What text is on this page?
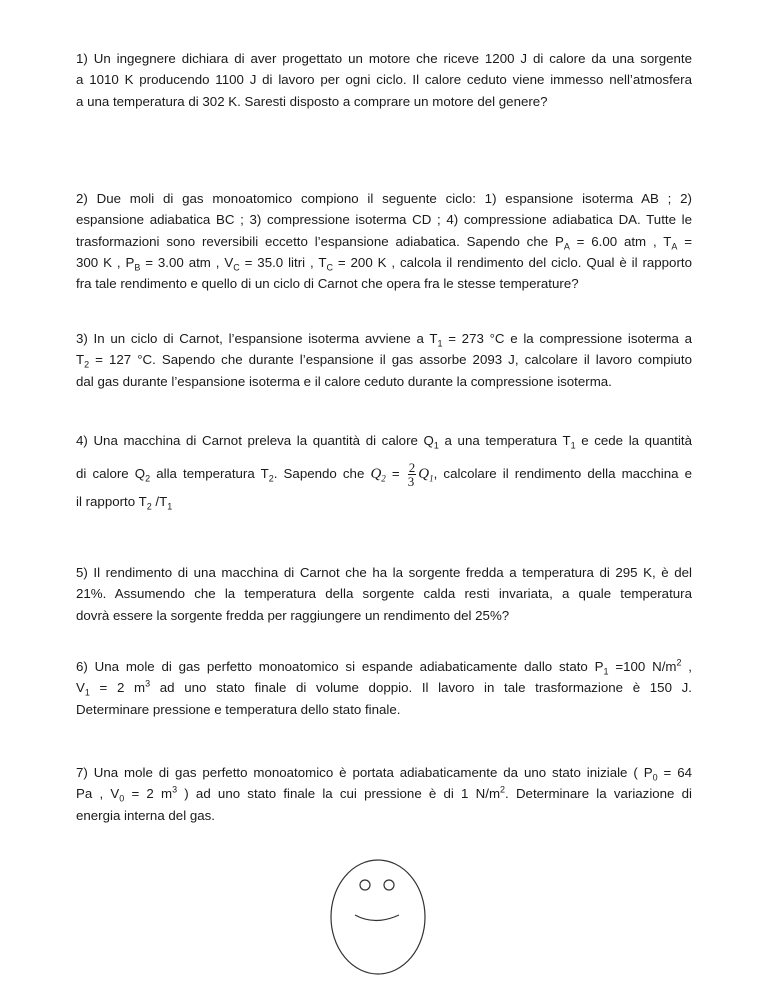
1) Un ingegnere dichiara di aver progettato un motore che riceve 1200 J di calore da una sorgente
a 1010 K producendo 1100 J di lavoro per ogni ciclo. Il calore ceduto viene immesso nell’atmosfera
a una temperatura di 302 K. Saresti disposto a comprare un motore del genere?
2) Due moli di gas monoatomico compiono il seguente ciclo: 1) espansione isoterma AB ; 2)
espansione adiabatica BC ; 3) compressione isoterma CD ; 4) compressione adiabatica DA. Tutte le
trasformazioni sono reversibili eccetto l’espansione adiabatica. Sapendo che $P_A = 6.00$ atm , $T_A$ =
300 K , $P_B = 3.00$ atm , $V_C = 35.0$ litri , $T_C = 200$ K , calcola il rendimento del ciclo. Qual è il rapporto
fra tale rendimento e quello di un ciclo di Carnot che opera fra le stesse temperature?
3) In un ciclo di Carnot, l’espansione isoterma avviene a $T_1 = 273$ °C e la compressione isoterma a
$T_2 = 127$ °C. Sapendo che durante l’espansione il gas assorbe 2093 J, calcolare il lavoro compiuto
dal gas durante l’espansione isoterma e il calore ceduto durante la compressione isoterma.
4) Una macchina di Carnot preleva la quantità di calore $Q_1$ a una temperatura $T_1$ e cede la quantità
di calore $Q_2$ alla temperatura $T_2$. Sapendo che $Q_2 = \frac{2}{3} Q_1$, calcolare il rendimento della macchina e
il rapporto $T_2$ $/T_1$
5) Il rendimento di una macchina di Carnot che ha la sorgente fredda a temperatura di 295 K, è del
21%. Assumendo che la temperatura della sorgente calda resti invariata, a quale temperatura
dovrà essere la sorgente fredda per raggiungere un rendimento del 25%?
6) Una mole di gas perfetto monoatomico si espande adiabaticamente dallo stato $P_1 =100$ $N/m^2$ ,
$V_1 = 2$ $m^3$ ad uno stato finale di volume doppio. Il lavoro in tale trasformazione è 150 J.
Determinare pressione e temperatura dello stato finale.
7) Una mole di gas perfetto monoatomico è portata adiabaticamente da uno stato iniziale ( $P_0 = 64$
Pa , $V_0 = 2$ $m^3$ ) ad uno stato finale la cui pressione è di 1 $N/m^2$. Determinare la variazione di
energia interna del gas.
